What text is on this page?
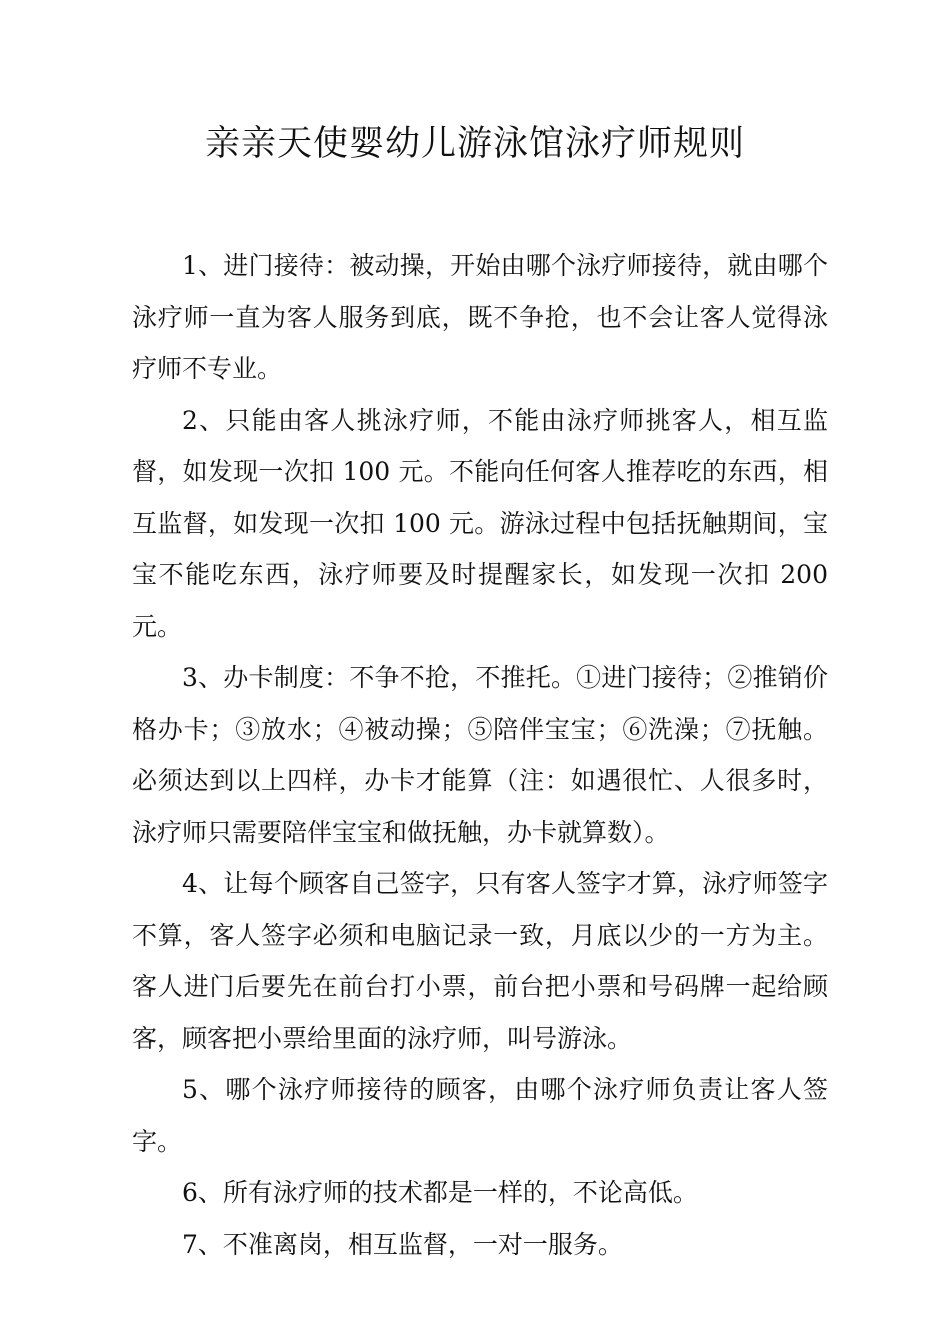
亲亲天使婴幼儿游泳馆泳疗师规则

1、进门接待：被动操，开始由哪个泳疗师接待，就由哪个泳疗师一直为客人服务到底，既不争抢，也不会让客人觉得泳疗师不专业。

2、只能由客人挑泳疗师，不能由泳疗师挑客人，相互监督，如发现一次扣 100 元。不能向任何客人推荐吃的东西，相互监督，如发现一次扣 100 元。游泳过程中包括抚触期间，宝宝不能吃东西，泳疗师要及时提醒家长，如发现一次扣 200 元。

3、办卡制度：不争不抢，不推托。①进门接待；②推销价格办卡；③放水；④被动操；⑤陪伴宝宝；⑥洗澡；⑦抚触。必须达到以上四样，办卡才能算（注：如遇很忙、人很多时，泳疗师只需要陪伴宝宝和做抚触，办卡就算数）。

4、让每个顾客自己签字，只有客人签字才算，泳疗师签字不算，客人签字必须和电脑记录一致，月底以少的一方为主。客人进门后要先在前台打小票，前台把小票和号码牌一起给顾客，顾客把小票给里面的泳疗师，叫号游泳。

5、哪个泳疗师接待的顾客，由哪个泳疗师负责让客人签字。

6、所有泳疗师的技术都是一样的，不论高低。

7、不准离岗，相互监督，一对一服务。
